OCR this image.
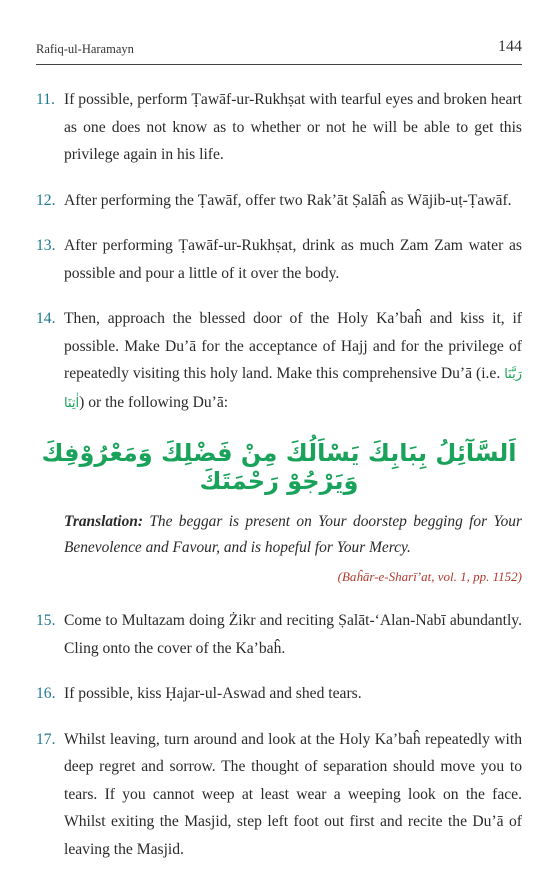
Rafiq-ul-Haramayn	144
11. If possible, perform Ṭawāf-ur-Rukhṣat with tearful eyes and broken heart as one does not know as to whether or not he will be able to get this privilege again in his life.
12. After performing the Ṭawāf, offer two Rak’āt Ṣalāĥ as Wājib-uṭ-Ṭawāf.
13. After performing Ṭawāf-ur-Rukhṣat, drink as much Zam Zam water as possible and pour a little of it over the body.
14. Then, approach the blessed door of the Holy Ka’baĥ and kiss it, if possible. Make Du’ā for the acceptance of Hajj and for the privilege of repeatedly visiting this holy land. Make this comprehensive Du’ā (i.e. رَبَّنَا اٰتِنَا) or the following Du’ā:
اَلسَّآئِلُ بِبَابِكَ يَسْاَلُكَ مِنْ فَضْلِكَ وَمَعْرُوْفِكَ وَيَرْجُوْ رَحْمَتَكَ
Translation: The beggar is present on Your doorstep begging for Your Benevolence and Favour, and is hopeful for Your Mercy.
(Baĥār-e-Sharī’at, vol. 1, pp. 1152)
15. Come to Multazam doing Żikr and reciting Ṣalāt-‘Alan-Nabī abundantly. Cling onto the cover of the Ka’baĥ.
16. If possible, kiss Ḥajar-ul-Aswad and shed tears.
17. Whilst leaving, turn around and look at the Holy Ka’baĥ repeatedly with deep regret and sorrow. The thought of separation should move you to tears. If you cannot weep at least wear a weeping look on the face. Whilst exiting the Masjid, step left foot out first and recite the Du’ā of leaving the Masjid.
